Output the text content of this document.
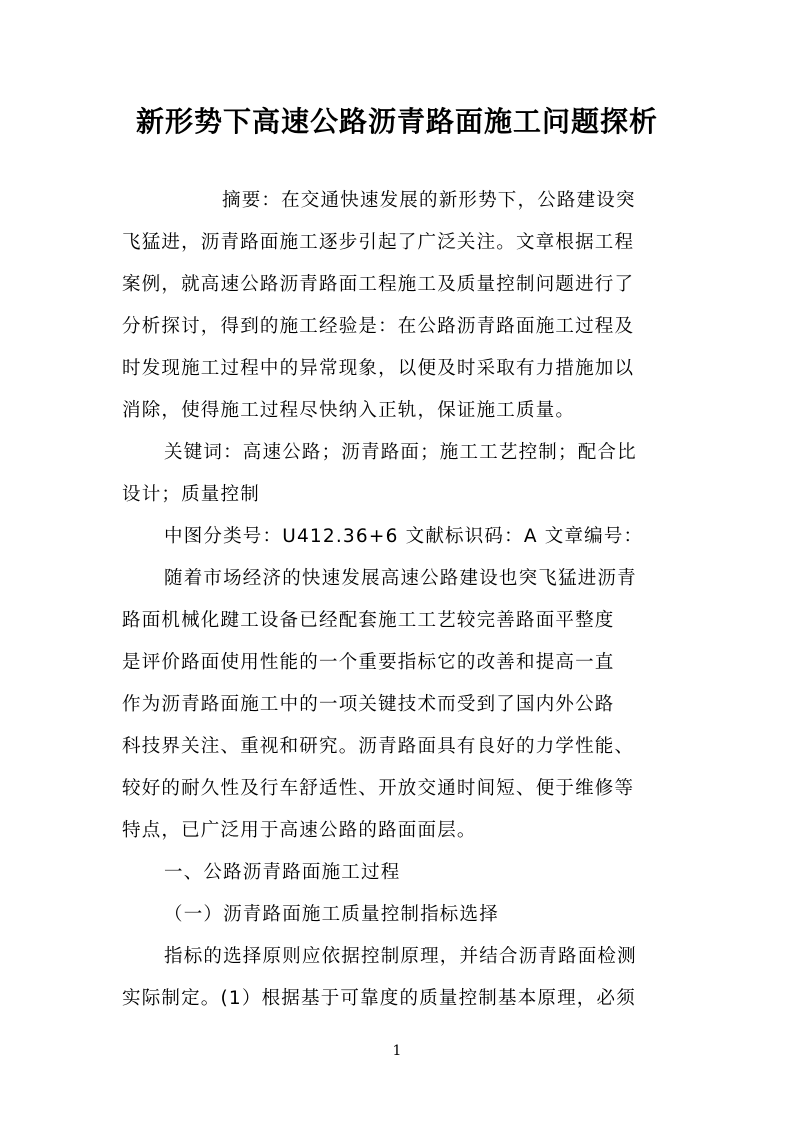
新形势下高速公路沥青路面施工问题探析
摘要：在交通快速发展的新形势下，公路建设突
飞猛进，沥青路面施工逐步引起了广泛关注。文章根据工程
案例，就高速公路沥青路面工程施工及质量控制问题进行了
分析探讨，得到的施工经验是：在公路沥青路面施工过程及
时发现施工过程中的异常现象，以便及时采取有力措施加以
消除，使得施工过程尽快纳入正轨，保证施工质量。
关键词：高速公路；沥青路面；施工工艺控制；配合比
设计；质量控制
中图分类号：U412.36+6 文献标识码：A 文章编号：
随着市场经济的快速发展高速公路建设也突飞猛进沥青
路面机械化踺工设备已经配套施工工艺较完善路面平整度
是评价路面使用性能的一个重要指标它的改善和提高一直
作为沥青路面施工中的一项关键技术而受到了国内外公路
科技界关注、重视和研究。沥青路面具有良好的力学性能、
较好的耐久性及行车舒适性、开放交通时间短、便于维修等
特点，已广泛用于高速公路的路面面层。
一、公路沥青路面施工过程
（一）沥青路面施工质量控制指标选择
指标的选择原则应依据控制原理，并结合沥青路面检测
实际制定。(1）根据基于可靠度的质量控制基本原理，必须
1
